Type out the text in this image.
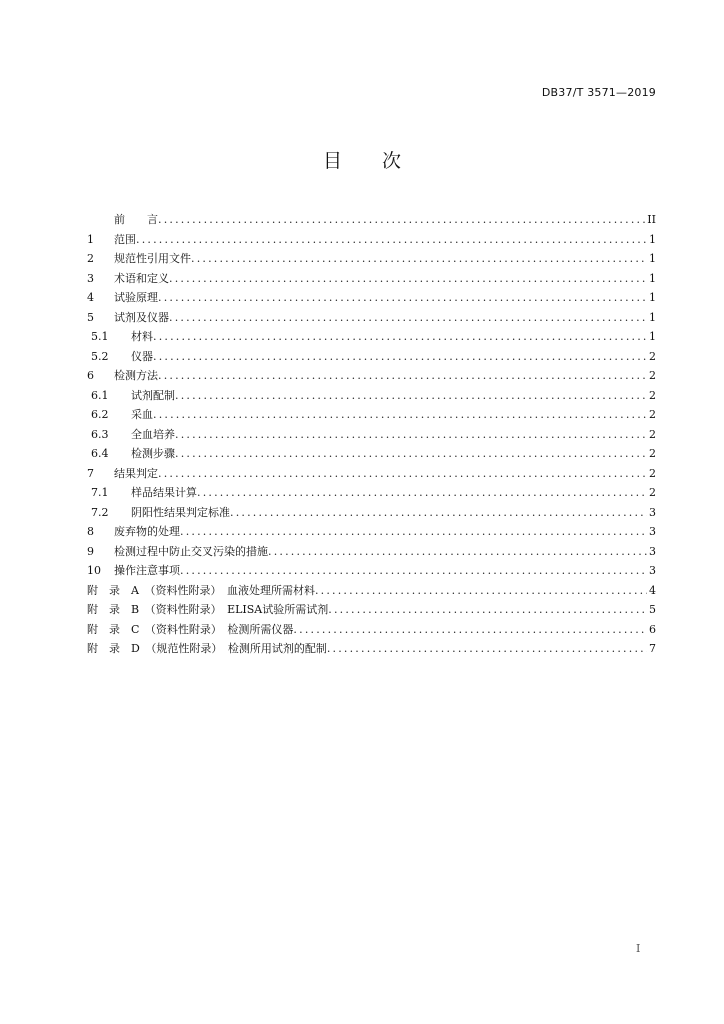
DB37/T 3571—2019
目 次
前　　言 .....	II
1	范围 .....	1
2	规范性引用文件 .....	1
3	术语和定义 .....	1
4	试验原理 .....	1
5	试剂及仪器 .....	1
5.1	材料 .....	1
5.2	仪器 .....	2
6	检测方法 .....	2
6.1	试剂配制 .....	2
6.2	采血 .....	2
6.3	全血培养 .....	2
6.4	检测步骤 .....	2
7	结果判定 .....	2
7.1	样品结果计算 .....	2
7.2	阴阳性结果判定标准 .....	3
8	废弃物的处理 .....	3
9	检测过程中防止交叉污染的措施 .....	3
10	操作注意事项 .....	3
附　录　A　（资料性附录）　血液处理所需材料 .....	4
附　录　B　（资料性附录）　ELISA试验所需试剂 .....	5
附　录　C　（资料性附录）　检测所需仪器 .....	6
附　录　D　（规范性附录）　检测所用试剂的配制 .....	7
I
